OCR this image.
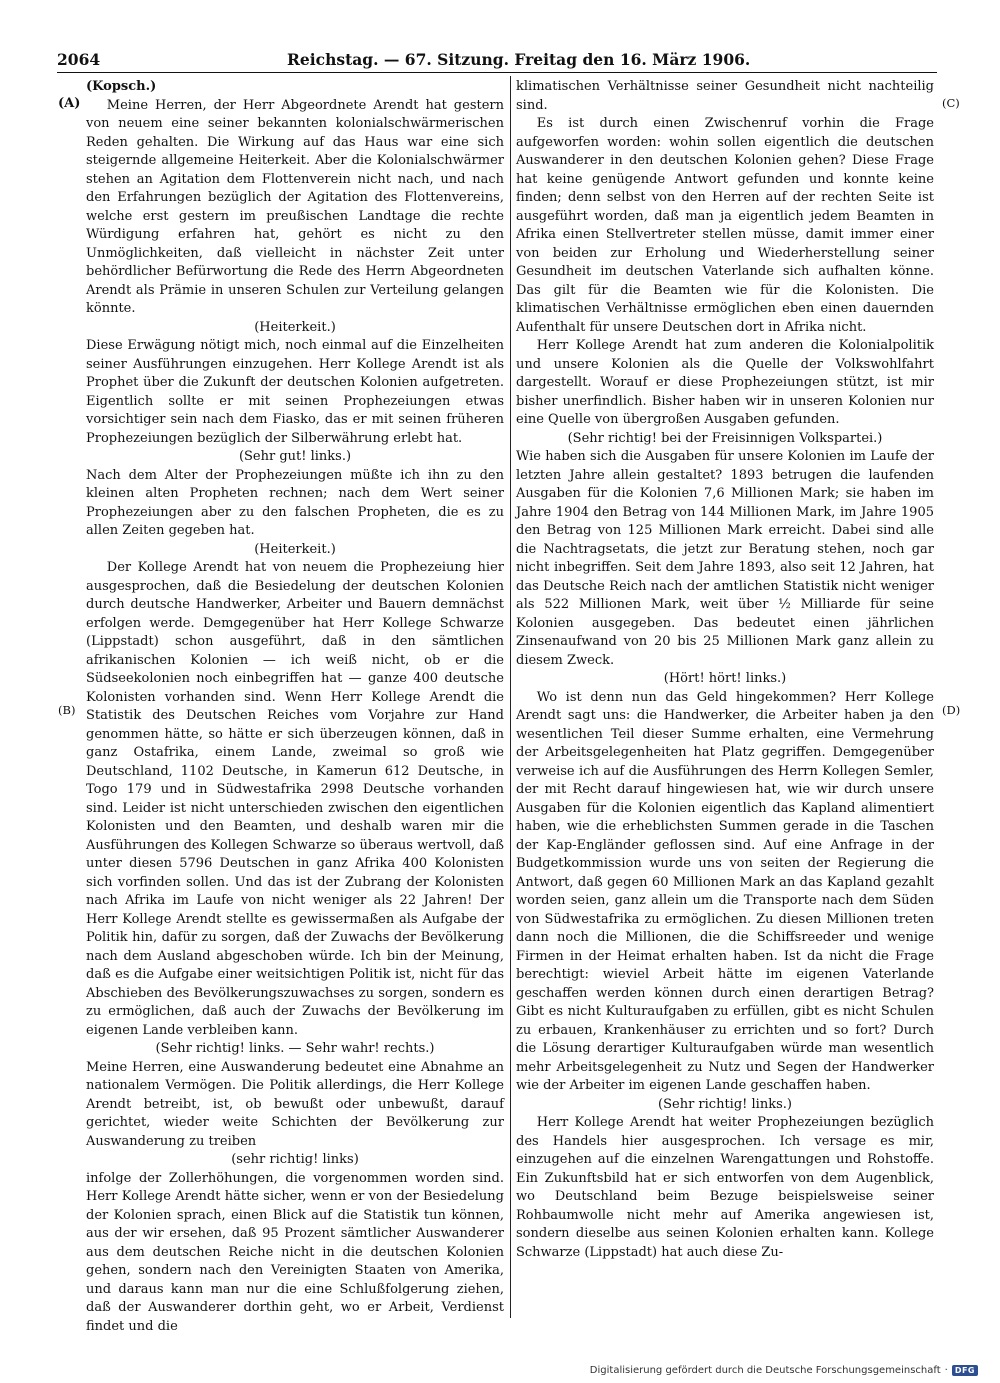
2064	Reichstag. — 67. Sitzung. Freitag den 16. März 1906.
(A)
(B)
(C)
(D)

(Kopsch.)

Meine Herren, der Herr Abgeordnete Arendt hat gestern von neuem eine seiner bekannten kolonialschwärmerischen Reden gehalten. Die Wirkung auf das Haus war eine sich steigernde allgemeine Heiterkeit. Aber die Kolonialschwärmer stehen an Agitation dem Flottenverein nicht nach, und nach den Erfahrungen bezüglich der Agitation des Flottenvereins, welche erst gestern im preußischen Landtage die rechte Würdigung erfahren hat, gehört es nicht zu den Unmöglichkeiten, daß vielleicht in nächster Zeit unter behördlicher Befürwortung die Rede des Herrn Abgeordneten Arendt als Prämie in unseren Schulen zur Verteilung gelangen könnte.

(Heiterkeit.)

Diese Erwägung nötigt mich, noch einmal auf die Einzelheiten seiner Ausführungen einzugehen. Herr Kollege Arendt ist als Prophet über die Zukunft der deutschen Kolonien aufgetreten. Eigentlich sollte er mit seinen Prophezeiungen etwas vorsichtiger sein nach dem Fiasko, das er mit seinen früheren Prophezeiungen bezüglich der Silberwährung erlebt hat.

(Sehr gut! links.)

Nach dem Alter der Prophezeiungen müßte ich ihn zu den kleinen alten Propheten rechnen; nach dem Wert seiner Prophezeiungen aber zu den falschen Propheten, die es zu allen Zeiten gegeben hat.

(Heiterkeit.)

Der Kollege Arendt hat von neuem die Prophezeiung hier ausgesprochen, daß die Besiedelung der deutschen Kolonien durch deutsche Handwerker, Arbeiter und Bauern demnächst erfolgen werde. Demgegenüber hat Herr Kollege Schwarze (Lippstadt) schon ausgeführt, daß in den sämtlichen afrikanischen Kolonien — ich weiß nicht, ob er die Südseekolonien noch einbegriffen hat — ganze 400 deutsche Kolonisten vorhanden sind. Wenn Herr Kollege Arendt die Statistik des Deutschen Reiches vom Vorjahre zur Hand genommen hätte, so hätte er sich überzeugen können, daß in ganz Ostafrika, einem Lande, zweimal so groß wie Deutschland, 1102 Deutsche, in Kamerun 612 Deutsche, in Togo 179 und in Südwestafrika 2998 Deutsche vorhanden sind. Leider ist nicht unterschieden zwischen den eigentlichen Kolonisten und den Beamten, und deshalb waren mir die Ausführungen des Kollegen Schwarze so überaus wertvoll, daß unter diesen 5796 Deutschen in ganz Afrika 400 Kolonisten sich vorfinden sollen. Und das ist der Zubrang der Kolonisten nach Afrika im Laufe von nicht weniger als 22 Jahren! Der Herr Kollege Arendt stellte es gewissermaßen als Aufgabe der Politik hin, dafür zu sorgen, daß der Zuwachs der Bevölkerung nach dem Ausland abgeschoben würde. Ich bin der Meinung, daß es die Aufgabe einer weitsichtigen Politik ist, nicht für das Abschieben des Bevölkerungszuwachses zu sorgen, sondern es zu ermöglichen, daß auch der Zuwachs der Bevölkerung im eigenen Lande verbleiben kann.

(Sehr richtig! links. — Sehr wahr! rechts.)

Meine Herren, eine Auswanderung bedeutet eine Abnahme an nationalem Vermögen. Die Politik allerdings, die Herr Kollege Arendt betreibt, ist, ob bewußt oder unbewußt, darauf gerichtet, wieder weite Schichten der Bevölkerung zur Auswanderung zu treiben

(sehr richtig! links)

infolge der Zollerhöhungen, die vorgenommen worden sind. Herr Kollege Arendt hätte sicher, wenn er von der Besiedelung der Kolonien sprach, einen Blick auf die Statistik tun können, aus der wir ersehen, daß 95 Prozent sämtlicher Auswanderer aus dem deutschen Reiche nicht in die deutschen Kolonien gehen, sondern nach den Vereinigten Staaten von Amerika, und daraus kann man nur die eine Schlußfolgerung ziehen, daß der Auswanderer dorthin geht, wo er Arbeit, Verdienst findet und die

klimatischen Verhältnisse seiner Gesundheit nicht nachteilig sind.

Es ist durch einen Zwischenruf vorhin die Frage aufgeworfen worden: wohin sollen eigentlich die deutschen Auswanderer in den deutschen Kolonien gehen? Diese Frage hat keine genügende Antwort gefunden und konnte keine finden; denn selbst von den Herren auf der rechten Seite ist ausgeführt worden, daß man ja eigentlich jedem Beamten in Afrika einen Stellvertreter stellen müsse, damit immer einer von beiden zur Erholung und Wiederherstellung seiner Gesundheit im deutschen Vaterlande sich aufhalten könne. Das gilt für die Beamten wie für die Kolonisten. Die klimatischen Verhältnisse ermöglichen eben einen dauernden Aufenthalt für unsere Deutschen dort in Afrika nicht.

Herr Kollege Arendt hat zum anderen die Kolonialpolitik und unsere Kolonien als die Quelle der Volkswohlfahrt dargestellt. Worauf er diese Prophezeiungen stützt, ist mir bisher unerfindlich. Bisher haben wir in unseren Kolonien nur eine Quelle von übergroßen Ausgaben gefunden.

(Sehr richtig! bei der Freisinnigen Volkspartei.)

Wie haben sich die Ausgaben für unsere Kolonien im Laufe der letzten Jahre allein gestaltet? 1893 betrugen die laufenden Ausgaben für die Kolonien 7,6 Millionen Mark; sie haben im Jahre 1904 den Betrag von 144 Millionen Mark, im Jahre 1905 den Betrag von 125 Millionen Mark erreicht. Dabei sind alle die Nachtragsetats, die jetzt zur Beratung stehen, noch gar nicht inbegriffen. Seit dem Jahre 1893, also seit 12 Jahren, hat das Deutsche Reich nach der amtlichen Statistik nicht weniger als 522 Millionen Mark, weit über ½ Milliarde für seine Kolonien ausgegeben. Das bedeutet einen jährlichen Zinsenaufwand von 20 bis 25 Millionen Mark ganz allein zu diesem Zweck.

(Hört! hört! links.)

Wo ist denn nun das Geld hingekommen? Herr Kollege Arendt sagt uns: die Handwerker, die Arbeiter haben ja den wesentlichen Teil dieser Summe erhalten, eine Vermehrung der Arbeitsgelegenheiten hat Platz gegriffen. Demgegenüber verweise ich auf die Ausführungen des Herrn Kollegen Semler, der mit Recht darauf hingewiesen hat, wie wir durch unsere Ausgaben für die Kolonien eigentlich das Kapland alimentiert haben, wie die erheblichsten Summen gerade in die Taschen der Kap-Engländer geflossen sind. Auf eine Anfrage in der Budgetkommission wurde uns von seiten der Regierung die Antwort, daß gegen 60 Millionen Mark an das Kapland gezahlt worden seien, ganz allein um die Transporte nach dem Süden von Südwestafrika zu ermöglichen. Zu diesen Millionen treten dann noch die Millionen, die die Schiffsreeder und wenige Firmen in der Heimat erhalten haben. Ist da nicht die Frage berechtigt: wieviel Arbeit hätte im eigenen Vaterlande geschaffen werden können durch einen derartigen Betrag? Gibt es nicht Kulturaufgaben zu erfüllen, gibt es nicht Schulen zu erbauen, Krankenhäuser zu errichten und so fort? Durch die Lösung derartiger Kulturaufgaben würde man wesentlich mehr Arbeitsgelegenheit zu Nutz und Segen der Handwerker wie der Arbeiter im eigenen Lande geschaffen haben.

(Sehr richtig! links.)

Herr Kollege Arendt hat weiter Prophezeiungen bezüglich des Handels hier ausgesprochen. Ich versage es mir, einzugehen auf die einzelnen Warengattungen und Rohstoffe. Ein Zukunftsbild hat er sich entworfen von dem Augenblick, wo Deutschland beim Bezuge beispielsweise seiner Rohbaumwolle nicht mehr auf Amerika angewiesen ist, sondern dieselbe aus seinen Kolonien erhalten kann. Kollege Schwarze (Lippstadt) hat auch diese Zu-

Digitalisierung gefördert durch die Deutsche Forschungsgemeinschaft · DFG
